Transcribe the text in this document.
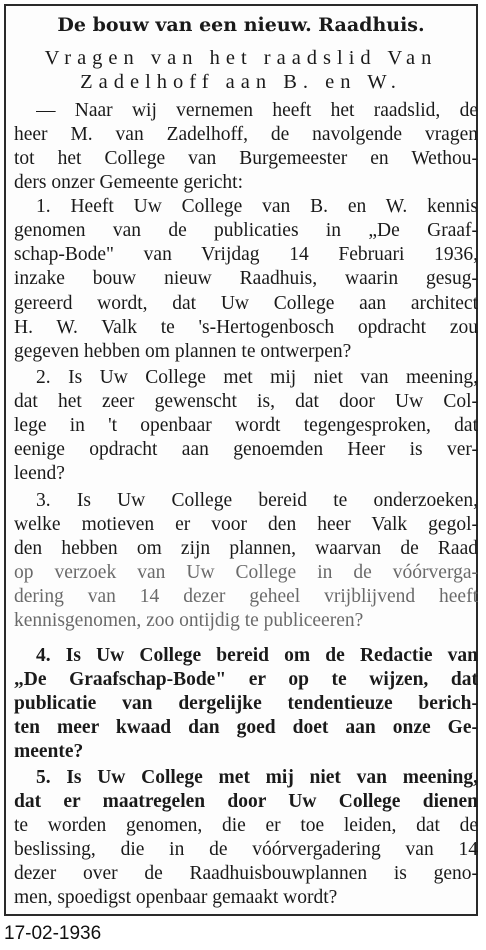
De bouw van een nieuw. Raadhuis.
Vragen van het raadslid Van
Zadelhoff aan B. en W.
— Naar wij vernemen heeft het raadslid, de
heer M. van Zadelhoff, de navolgende vragen
tot het College van Burgemeester en Wethou-
ders onzer Gemeente gericht:
1. Heeft Uw College van B. en W. kennis
genomen van de publicaties in „De Graaf-
schap-Bode" van Vrijdag 14 Februari 1936,
inzake bouw nieuw Raadhuis, waarin gesug-
gereerd wordt, dat Uw College aan architect
H. W. Valk te 's-Hertogenbosch opdracht zou
gegeven hebben om plannen te ontwerpen?
2. Is Uw College met mij niet van meening,
dat het zeer gewenscht is, dat door Uw Col-
lege in 't openbaar wordt tegengesproken, dat
eenige opdracht aan genoemden Heer is ver-
leend?
3. Is Uw College bereid te onderzoeken,
welke motieven er voor den heer Valk gegol-
den hebben om zijn plannen, waarvan de Raad
op verzoek van Uw College in de vóórverga-
dering van 14 dezer geheel vrijblijvend heeft
kennisgenomen, zoo ontijdig te publiceeren?
4. Is Uw College bereid om de Redactie van
„De Graafschap-Bode" er op te wijzen, dat
publicatie van dergelijke tendentieuze berich-
ten meer kwaad dan goed doet aan onze Ge-
meente?
5. Is Uw College met mij niet van meening,
dat er maatregelen door Uw College dienen
te worden genomen, die er toe leiden, dat de
beslissing, die in de vóórvergadering van 14
dezer over de Raadhuisbouwplannen is geno-
men, spoedigst openbaar gemaakt wordt?
17-02-1936
